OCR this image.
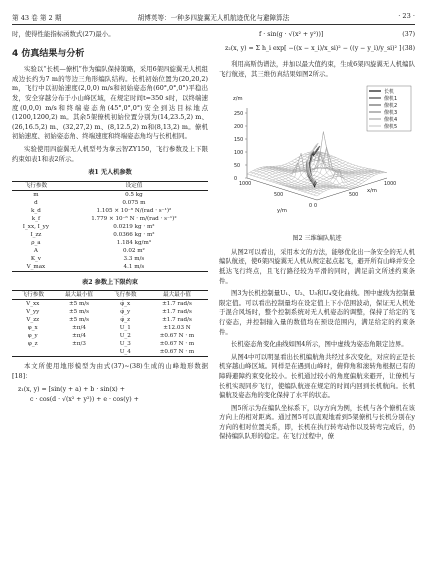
第 43 卷 第 2 期	胡博英等：一种多四旋翼无人机航迹优化与避障算法	· 23 ·

时，使得性能指标函数式(27)最小。

4 仿真结果与分析

实验以“长机—僚机”作为编队保持策略，采用6架四旋翼无人机组成边长约为7 m的等边三角形编队结构。长机初始位置为(20,20,2) m，飞行中以初始速度(2,0,0) m/s和初始姿态角(60°,0°,0°)平稳出发，安全穿越分布于小山峰区域，在规定时间t=350 s时，以终端速度(0,0,0) m/s和终端姿态角(45°,0°,0°)安全到达目标地点(1200,1200,2) m。其余5架僚机初始位置分别为(14,23.5,2) m、(26,16.5,2) m、(32,27,2) m、(8,12.5,2) m和(8,13,2) m。僚机初始速度、初始姿态角、终端速度和终端姿态角均与长机相同。

实验使用四旋翼无人机型号为拿云智ZY150，飞行参数及上下限约束如表1和表2所示。

表1 无人机参数
飞行参数	设定值
m	0.5 kg
d	0.075 m
k_d	1.105 × 10⁻⁶ N/(rad · s⁻¹)²
k_f	1.779 × 10⁻⁶ N · m/(rad · s⁻¹)²
I_xx, I_yy	0.0219 kg · m²
I_zz	0.0366 kg · m²
ρ_a	1.184 kg/m³
A	0.02 m²
K_v	3.3 m/s
V_max	4.1 m/s
表2 参数上下限约束
飞行参数	最大最小值	飞行参数	最大最小值
V_xx	±5 m/s	φ̇_x	±1.7 rad/s
V_yy	±5 m/s	φ̇_y	±1.7 rad/s
V_zz	±5 m/s	φ̇_z	±1.7 rad/s
φ_x	±π/4	U_1	±12.03 N
φ_y	±π/4	U_2	±0.67 N · m
φ_z	±π/3	U_3	±0.67 N · m
		U_4	±0.67 N · m

本文所使用地形模型为由式(37)~(38)生成的山峰地形数据[18]：

z₁(x, y) = [sin(y + a) + b · sin(x) +
c · cos(d · √(x² + y²)) + e · cos(y) +
f · sin(g · √(x² + y²))]	(37)
z₂(x, y) = Σ h_i exp[ −((x − x_i)/x_si)² − ((y − y_i)/y_si)² ] (38)

利用高斯伪谱法，并加以最大值约束，生成6架四旋翼无人机编队飞行航迹，其三维仿真结果如图2所示。

0
50
100
150
200
250
0
500
1000
0
500
1000
x/m
y/m
z/m
长机
僚机1
僚机2
僚机3
僚机4
僚机5
图2 三维编队航迹

从图2可以看出，采用本文的方法，能够优化出一条安全的无人机编队航迹，使6架四旋翼无人机从规定起点起飞，避开所有山峰并安全抵达飞行终点，且飞行路径较为平滑的同时，满足前文所述约束条件。

图3为长机控制量U₁、U₂、U₃和U₄变化曲线。图中虚线为控制量限定值。可以看出控制量均在设定值上下小范围波动，保证无人机处于混合风场时，整个控制系统对无人机姿态的调整，保持了给定的飞行姿态，并控制输入量的数值均在预设范围内，满足给定的约束条件。

长机姿态角变化曲线如图4所示，图中虚线为姿态角限定边界。

从图4中可以明显看出长机编航角共经过多次变化，对应的正是长机穿越山峰区域。同样是在遇到山峰时，俯仰角和滚转角根据已有的障碍避障约束变化较小。长机通过较小的角度偏航来避开，让僚机与长机实现同步飞行，使编队航迹在规定的时间内回到长机航向。长机偏航及姿态角的变化保持了水平的状态。

图5所示为在编队坐标系下，以y方向为例，长机与各个僚机在该方向上的相对距离。通过图5可以直观地看到5架僚机与长机分别在y方向的相对位置关系，即，长机在执行转弯动作以及转弯完成后，仍保持编队队形的稳定。在飞行过程中，僚
